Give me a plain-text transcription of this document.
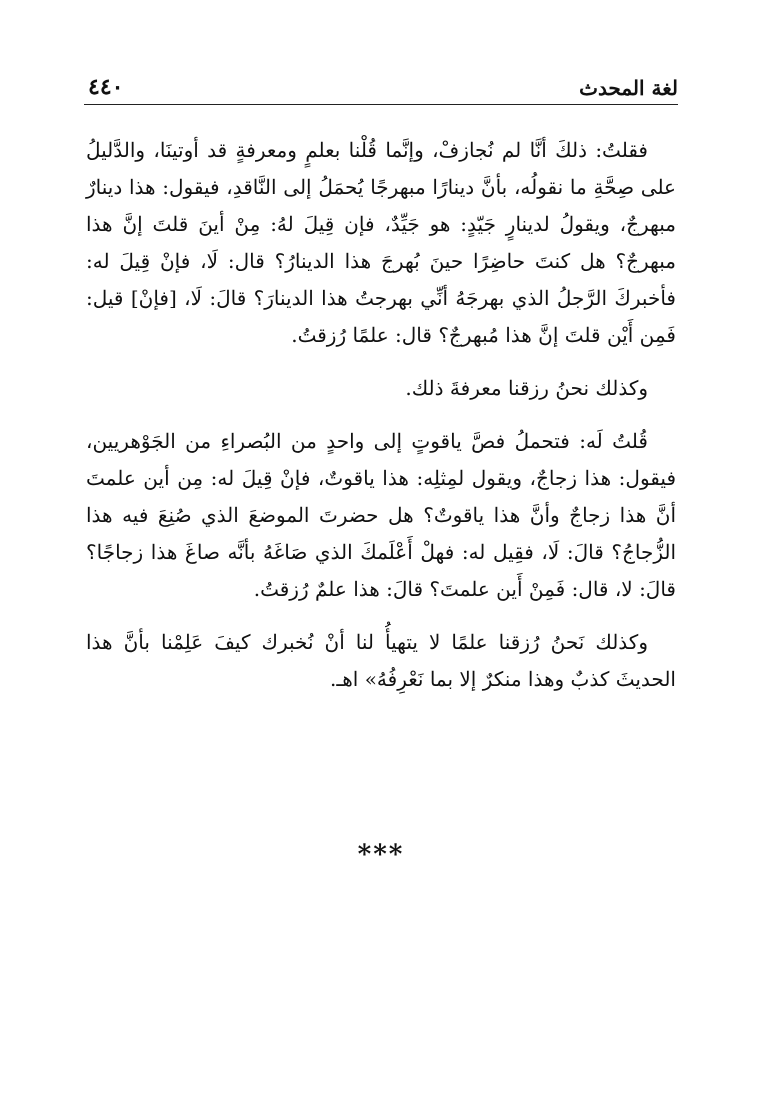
لغة المحدث
٤٤٠

فقلتُ: ذلكَ أنَّا لم نُجازفْ، وإنَّما قُلْنا بعلمٍ ومعرفةٍ قد أوتينَا، والدَّليلُ على صِحَّةِ ما نقولُه، بأنَّ دينارًا مبهرجًا يُحمَلُ إلى النَّاقدِ، فيقول: هذا دينارٌ مبهرجٌ، ويقولُ لدينارٍ جَيّدٍ: هو جَيِّدٌ، فإن قِيلَ لهُ: مِنْ أينَ قلتَ إنَّ هذا مبهرجٌ؟ هل كنتَ حاضِرًا حينَ بُهرجَ هذا الدينارُ؟ قال: لَا، فإنْ قِيلَ له: فأخبركَ الرَّجلُ الذي بهرجَهُ أنِّي بهرجتُ هذا الدينارَ؟ قالَ: لَا، [فإنْ] قيل: فَمِن أَيْن قلتَ إنَّ هذا مُبهرجٌ؟ قال: علمًا رُزقتُ.

وكذلك نحنُ رزقنا معرفةَ ذلك.

قُلتُ لَه: فتحملُ فصَّ ياقوتٍ إلى واحدٍ من البُصراءِ من الجَوْهريين، فيقول: هذا زجاجٌ، ويقول لمِثلِه: هذا ياقوتٌ، فإنْ قِيلَ له: مِن أين علمتَ أنَّ هذا زجاجٌ وأنَّ هذا ياقوتٌ؟ هل حضرتَ الموضعَ الذي صُنِعَ فيه هذا الزُّجاجُ؟ قالَ: لَا، فقِيل له: فهلْ أَعْلَمكَ الذي صَاغَهُ بأنَّه صاغَ هذا زجاجًا؟ قالَ: لا، قال: فَمِنْ أَين علمتَ؟ قالَ: هذا علمٌ رُزقتُ.

وكذلك نَحنُ رُزقنا علمًا لا يتهيأُ لنا أنْ نُخبرك كيفَ عَلِمْنا بأنَّ هذا الحديثَ كذبٌ وهذا منكرٌ إلا بما نَعْرِفُهُ» اهـ.

***
